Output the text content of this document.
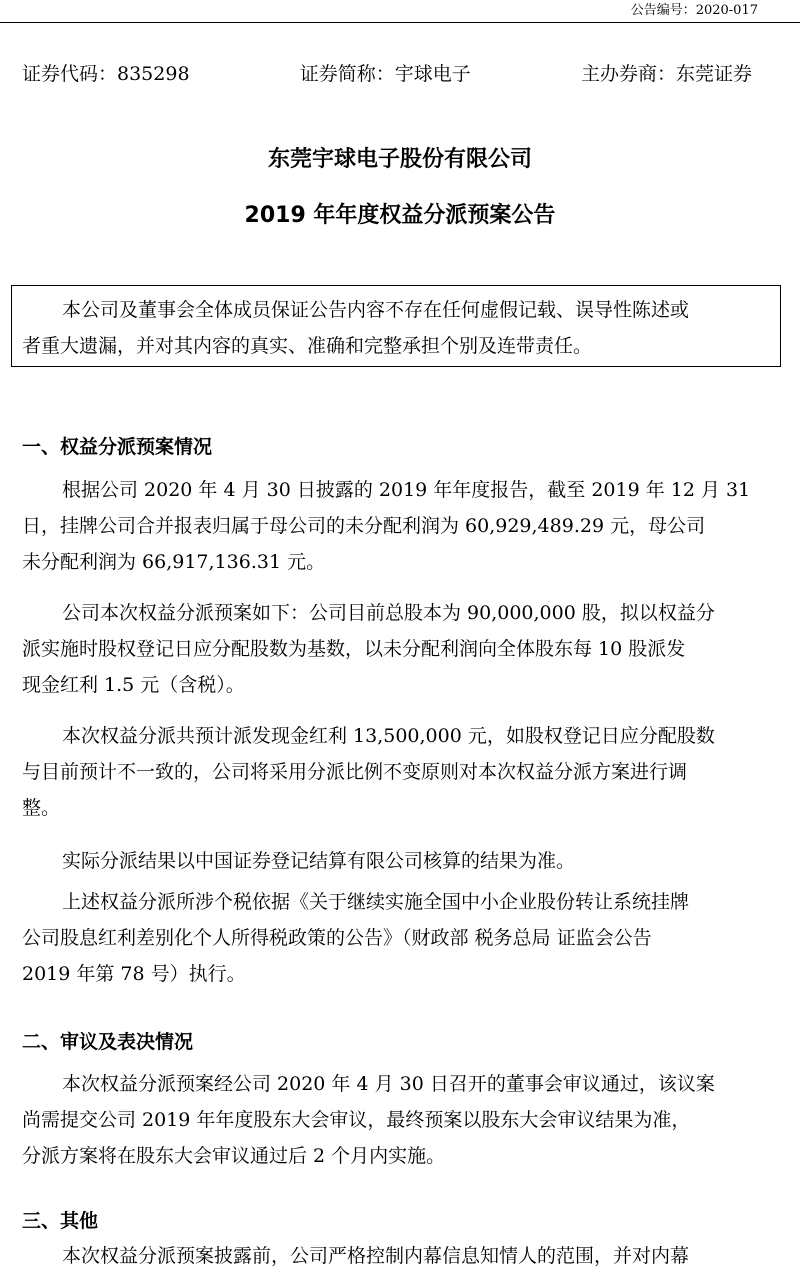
公告编号：2020-017
证券代码：835298	证券简称：宇球电子	主办券商：东莞证券
东莞宇球电子股份有限公司
2019 年年度权益分派预案公告
本公司及董事会全体成员保证公告内容不存在任何虚假记载、误导性陈述或
者重大遗漏，并对其内容的真实、准确和完整承担个别及连带责任。
一、权益分派预案情况
根据公司 2020 年 4 月 30 日披露的 2019 年年度报告，截至 2019 年 12 月 31
日，挂牌公司合并报表归属于母公司的未分配利润为 60,929,489.29 元，母公司
未分配利润为 66,917,136.31 元。
公司本次权益分派预案如下：公司目前总股本为 90,000,000 股，拟以权益分
派实施时股权登记日应分配股数为基数，以未分配利润向全体股东每 10 股派发
现金红利 1.5 元（含税）。
本次权益分派共预计派发现金红利 13,500,000 元，如股权登记日应分配股数
与目前预计不一致的，公司将采用分派比例不变原则对本次权益分派方案进行调
整。
实际分派结果以中国证券登记结算有限公司核算的结果为准。
上述权益分派所涉个税依据《关于继续实施全国中小企业股份转让系统挂牌
公司股息红利差别化个人所得税政策的公告》（财政部 税务总局 证监会公告
2019 年第 78 号）执行。
二、审议及表决情况
本次权益分派预案经公司 2020 年 4 月 30 日召开的董事会审议通过，该议案
尚需提交公司 2019 年年度股东大会审议，最终预案以股东大会审议结果为准，
分派方案将在股东大会审议通过后 2 个月内实施。
三、其他
本次权益分派预案披露前，公司严格控制内幕信息知情人的范围，并对内幕
